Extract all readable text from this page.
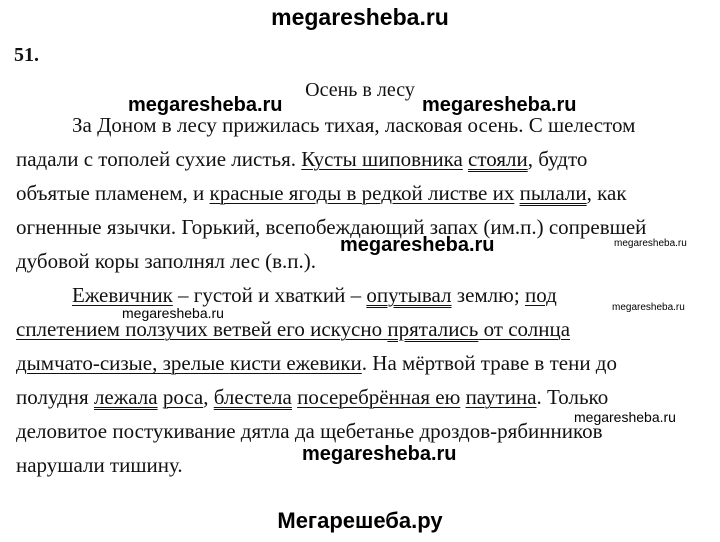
megaresheba.ru
51.
Осень в лесу
За Доном в лесу прижилась тихая, ласковая осень. С шелестом
падали с тополей сухие листья. Кусты шиповника стояли, будто
объятые пламенем, и красные ягоды в редкой листве их пылали, как
огненные язычки. Горький, всепобеждающий запах (им.п.) сопревшей
дубовой коры заполнял лес (в.п.).
Ежевичник – густой и хваткий – опутывал землю; под
сплетением ползучих ветвей его искусно прятались от солнца
дымчато-сизые, зрелые кисти ежевики. На мёртвой траве в тени до
полудня лежала роса, блестела посеребрённая ею паутина. Только
деловитое постукивание дятла да щебетанье дроздов-рябинников
нарушали тишину.
megaresheba.ru	megaresheba.ru
megaresheba.ru	megaresheba.ru
megaresheba.ru
megaresheba.ru
megaresheba.ru
megaresheba.ru
Мегарешеба.ру
